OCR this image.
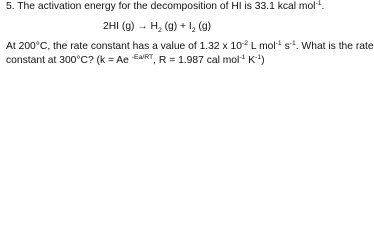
5. The activation energy for the decomposition of HI is 33.1 kcal mol$^{-1}$.
2HI $(g) \to H_2$ $(g) + I_2$ (g)
At 200°C, the rate constant has a value of 1.32 x $10^{-2}$ L mol$^{-1}$ $s^{-1}$. What is the rate
constant at 300°C? (k = Ae $^{-Ea/RT}$, R = 1.987 cal mol$^{-1}$ $K^{-1}$)
